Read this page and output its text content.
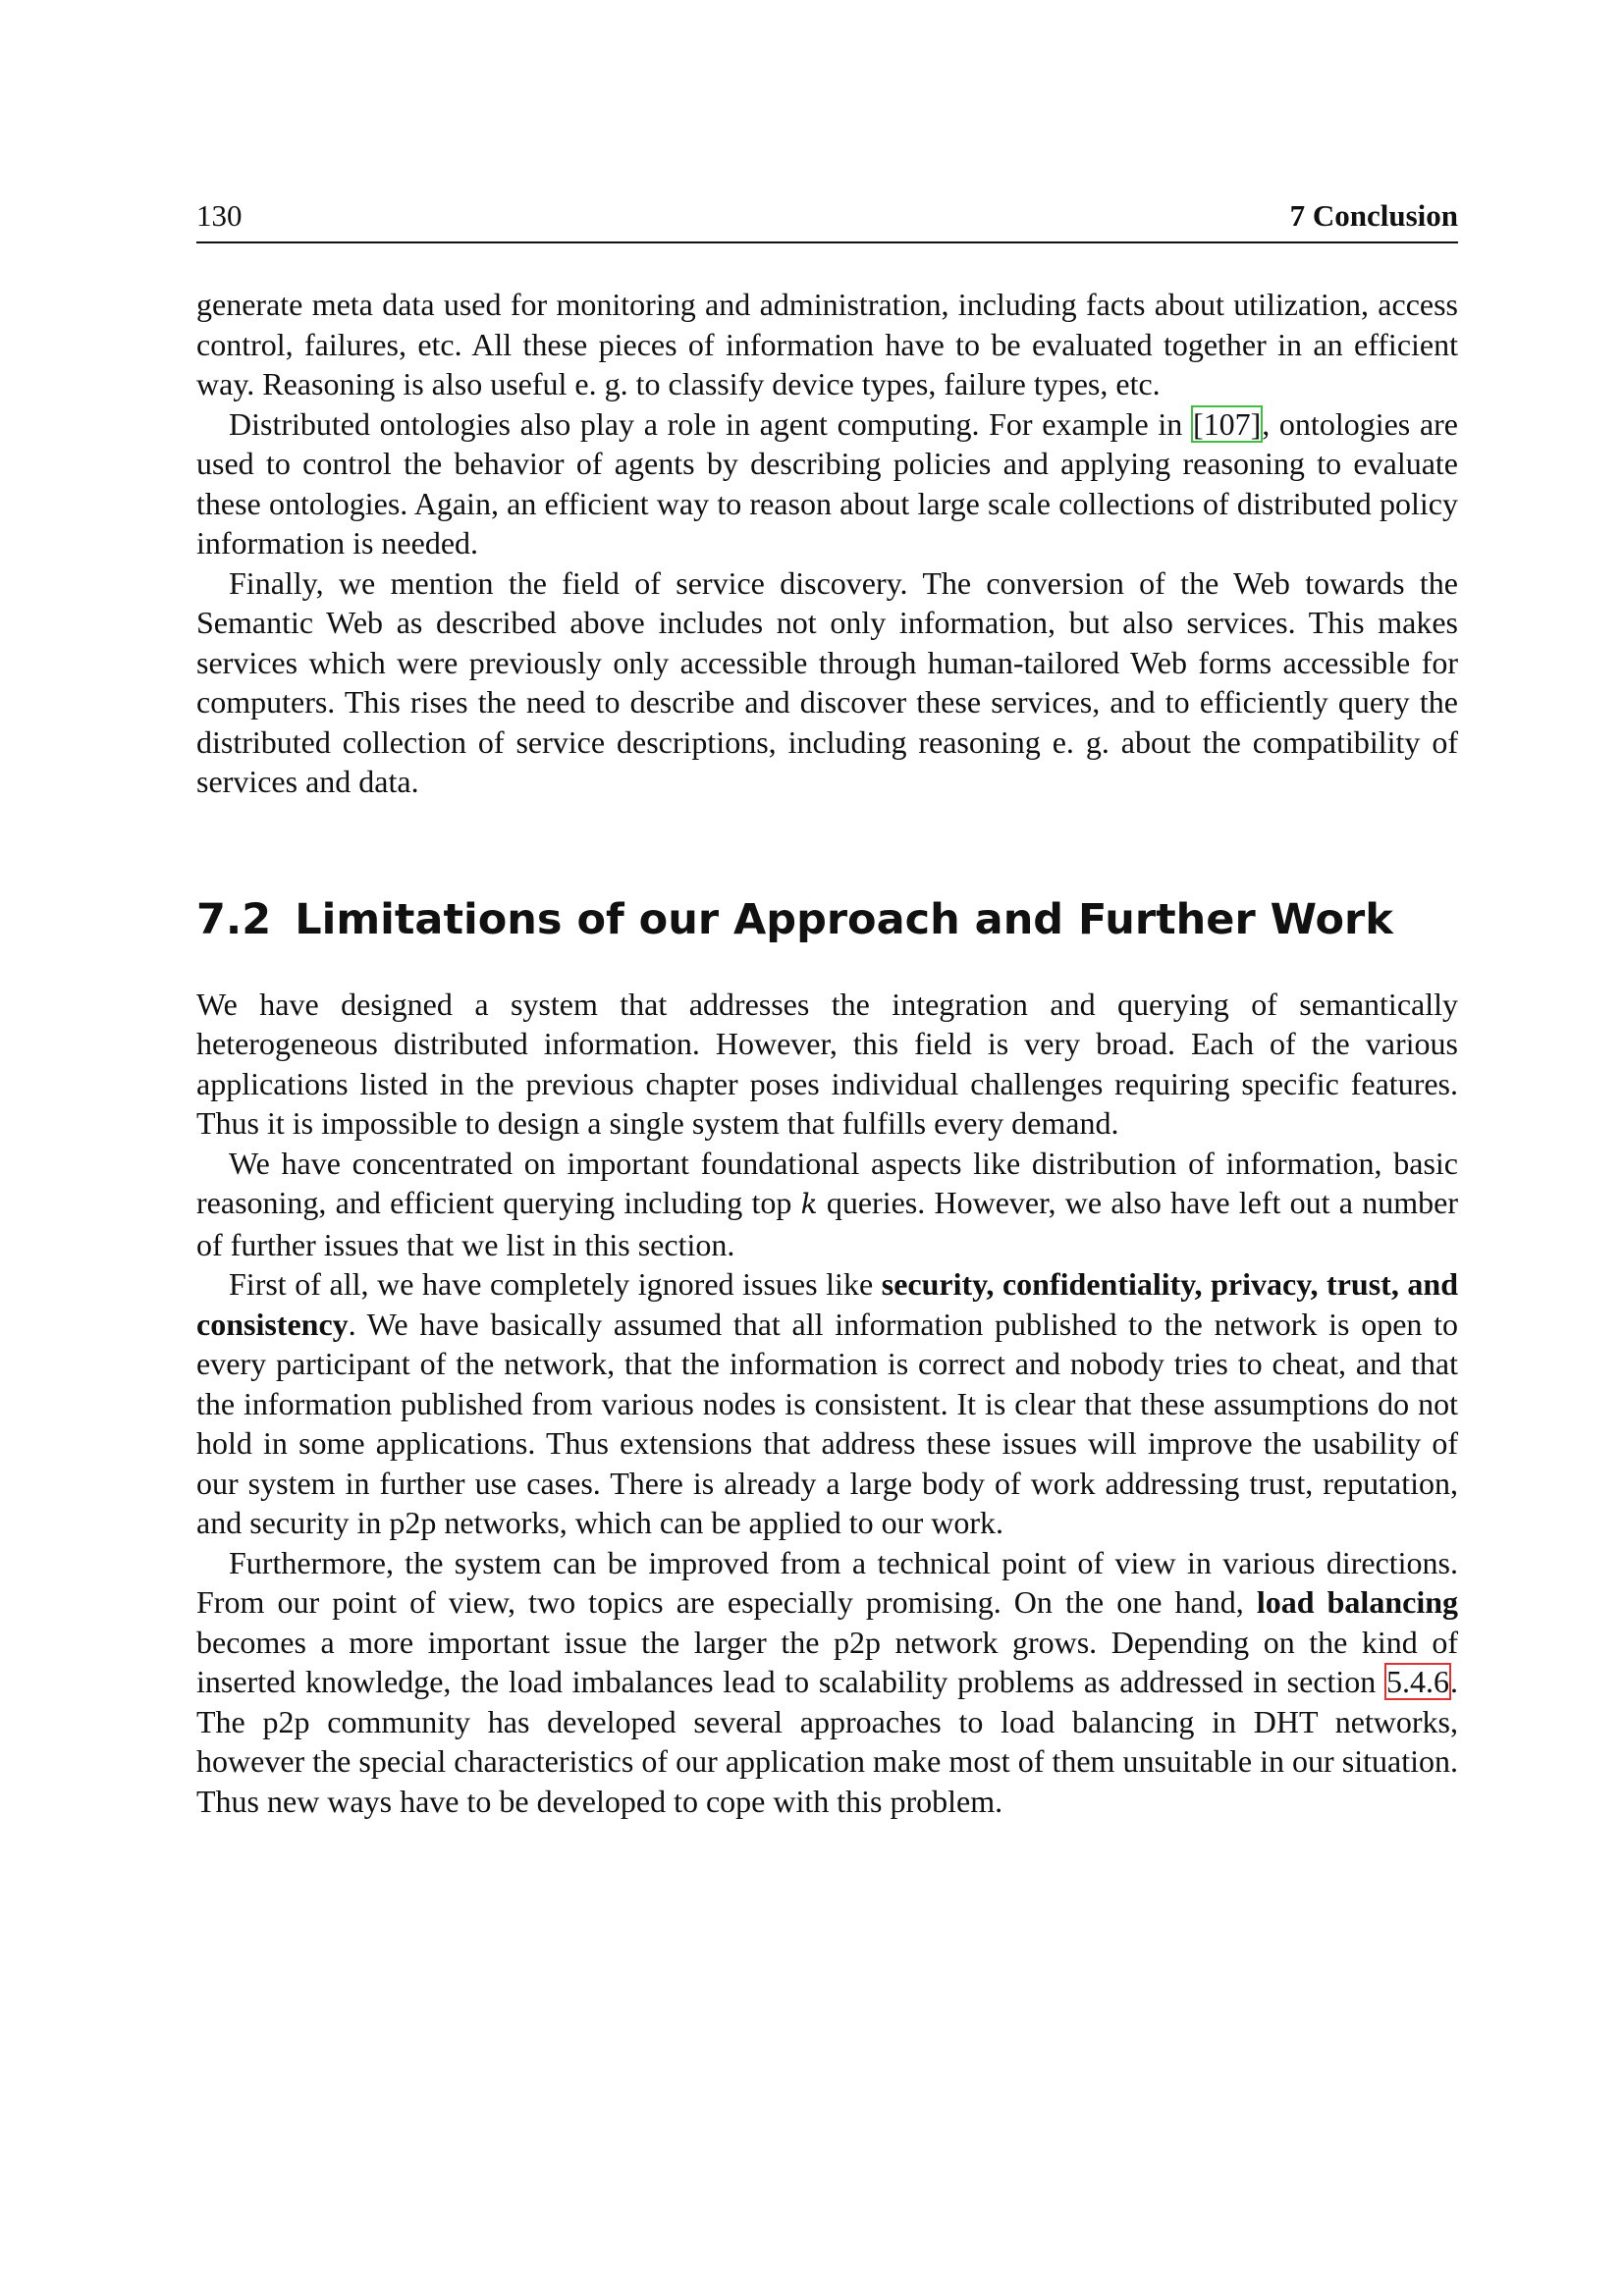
130	7 Conclusion

generate meta data used for monitoring and administration, including facts about utilization, access control, failures, etc. All these pieces of information have to be evaluated together in an efficient way. Reasoning is also useful e. g. to classify device types, failure types, etc.

Distributed ontologies also play a role in agent computing. For example in [107], ontologies are used to control the behavior of agents by describing policies and applying reasoning to evaluate these ontologies. Again, an efficient way to reason about large scale collections of distributed policy information is needed.

Finally, we mention the field of service discovery. The conversion of the Web towards the Semantic Web as described above includes not only information, but also services. This makes services which were previously only accessible through human-tailored Web forms accessible for computers. This rises the need to describe and discover these services, and to efficiently query the distributed collection of service descriptions, including reasoning e. g. about the compatibility of services and data.

7.2 Limitations of our Approach and Further Work

We have designed a system that addresses the integration and querying of semantically heterogeneous distributed information. However, this field is very broad. Each of the various applications listed in the previous chapter poses individual challenges requiring specific features. Thus it is impossible to design a single system that fulfills every demand.

We have concentrated on important foundational aspects like distribution of information, basic reasoning, and efficient querying including top k queries. However, we also have left out a number of further issues that we list in this section.

First of all, we have completely ignored issues like security, confidentiality, privacy, trust, and consistency. We have basically assumed that all information published to the network is open to every participant of the network, that the information is correct and nobody tries to cheat, and that the information published from various nodes is consistent. It is clear that these assumptions do not hold in some applications. Thus extensions that address these issues will improve the usability of our system in further use cases. There is already a large body of work addressing trust, reputation, and security in p2p networks, which can be applied to our work.

Furthermore, the system can be improved from a technical point of view in various directions. From our point of view, two topics are especially promising. On the one hand, load balancing becomes a more important issue the larger the p2p network grows. Depending on the kind of inserted knowledge, the load imbalances lead to scalability problems as addressed in section 5.4.6. The p2p community has developed several approaches to load balancing in DHT networks, however the special characteristics of our application make most of them unsuitable in our situation. Thus new ways have to be developed to cope with this problem.
